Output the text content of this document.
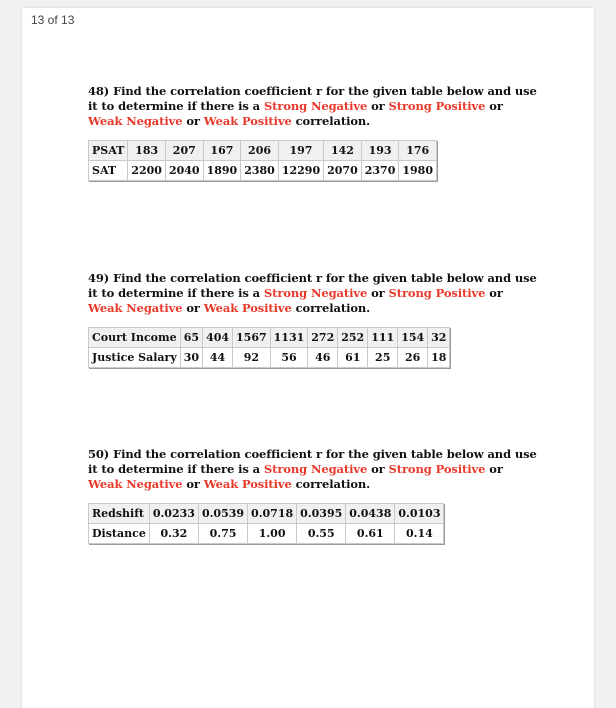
13 of 13

48) Find the correlation coefficient r for the given table below and use it to determine if there is a Strong Negative or Strong Positive or Weak Negative or Weak Positive correlation.

PSAT	183	207	167	206	197	142	193	176
SAT	2200	2040	1890	2380	12290	2070	2370	1980

49) Find the correlation coefficient r for the given table below and use it to determine if there is a Strong Negative or Strong Positive or Weak Negative or Weak Positive correlation.

Court Income	65	404	1567	1131	272	252	111	154	32
Justice Salary	30	44	92	56	46	61	25	26	18

50) Find the correlation coefficient r for the given table below and use it to determine if there is a Strong Negative or Strong Positive or Weak Negative or Weak Positive correlation.

Redshift	0.0233	0.0539	0.0718	0.0395	0.0438	0.0103
Distance	0.32	0.75	1.00	0.55	0.61	0.14
